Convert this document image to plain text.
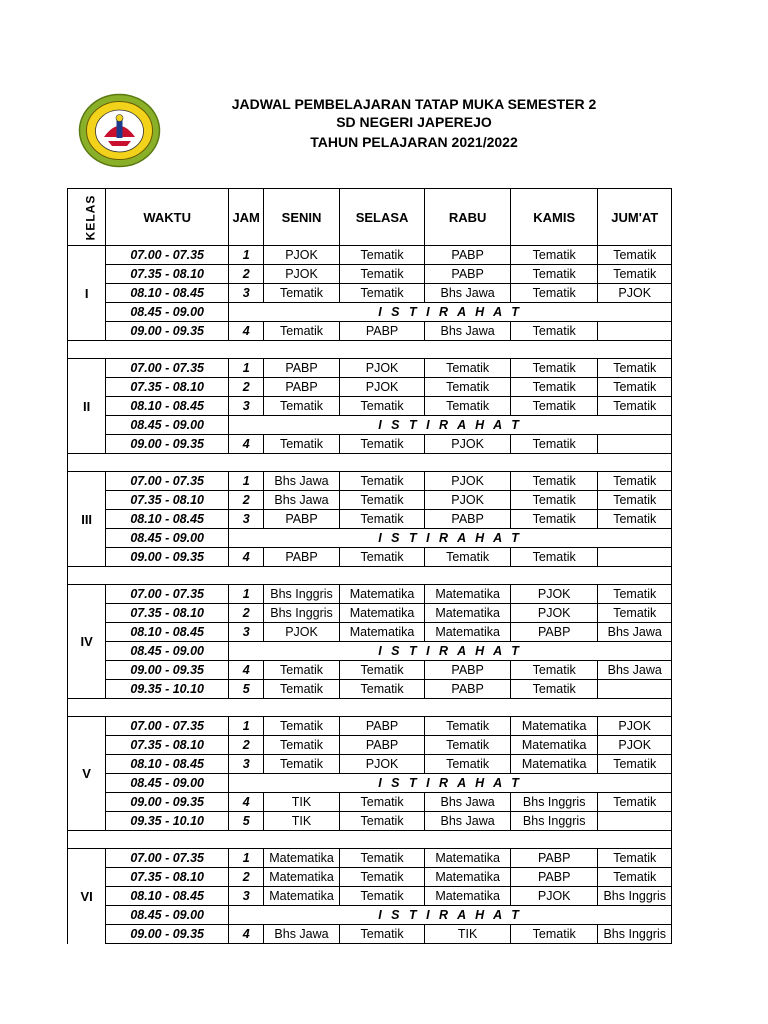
JADWAL PEMBELAJARAN TATAP MUKA SEMESTER 2
SD NEGERI JAPEREJO
TAHUN PELAJARAN 2021/2022
KELAS	WAKTU	JAM	SENIN	SELASA	RABU	KAMIS	JUM'AT
I	07.00 - 07.35	1	PJOK	Tematik	PABP	Tematik	Tematik
	07.35 - 08.10	2	PJOK	Tematik	PABP	Tematik	Tematik
	08.10 - 08.45	3	Tematik	Tematik	Bhs Jawa	Tematik	PJOK
	08.45 - 09.00	I S T I R A H A T					
	09.00 - 09.35	4	Tematik	PABP	Bhs Jawa	Tematik	

II	07.00 - 07.35	1	PABP	PJOK	Tematik	Tematik	Tematik
	07.35 - 08.10	2	PABP	PJOK	Tematik	Tematik	Tematik
	08.10 - 08.45	3	Tematik	Tematik	Tematik	Tematik	Tematik
	08.45 - 09.00	I S T I R A H A T					
	09.00 - 09.35	4	Tematik	Tematik	PJOK	Tematik	

III	07.00 - 07.35	1	Bhs Jawa	Tematik	PJOK	Tematik	Tematik
	07.35 - 08.10	2	Bhs Jawa	Tematik	PJOK	Tematik	Tematik
	08.10 - 08.45	3	PABP	Tematik	PABP	Tematik	Tematik
	08.45 - 09.00	I S T I R A H A T					
	09.00 - 09.35	4	PABP	Tematik	Tematik	Tematik	

IV	07.00 - 07.35	1	Bhs Inggris	Matematika	Matematika	PJOK	Tematik
	07.35 - 08.10	2	Bhs Inggris	Matematika	Matematika	PJOK	Tematik
	08.10 - 08.45	3	PJOK	Matematika	Matematika	PABP	Bhs Jawa
	08.45 - 09.00	I S T I R A H A T					
	09.00 - 09.35	4	Tematik	Tematik	PABP	Tematik	Bhs Jawa
	09.35 - 10.10	5	Tematik	Tematik	PABP	Tematik	

V	07.00 - 07.35	1	Tematik	PABP	Tematik	Matematika	PJOK
	07.35 - 08.10	2	Tematik	PABP	Tematik	Matematika	PJOK
	08.10 - 08.45	3	Tematik	PJOK	Tematik	Matematika	Tematik
	08.45 - 09.00	I S T I R A H A T					
	09.00 - 09.35	4	TIK	Tematik	Bhs Jawa	Bhs Inggris	Tematik
	09.35 - 10.10	5	TIK	Tematik	Bhs Jawa	Bhs Inggris	

VI	07.00 - 07.35	1	Matematika	Tematik	Matematika	PABP	Tematik
	07.35 - 08.10	2	Matematika	Tematik	Matematika	PABP	Tematik
	08.10 - 08.45	3	Matematika	Tematik	Matematika	PJOK	Bhs Inggris
	08.45 - 09.00	I S T I R A H A T					
	09.00 - 09.35	4	Bhs Jawa	Tematik	TIK	Tematik	Bhs Inggris
